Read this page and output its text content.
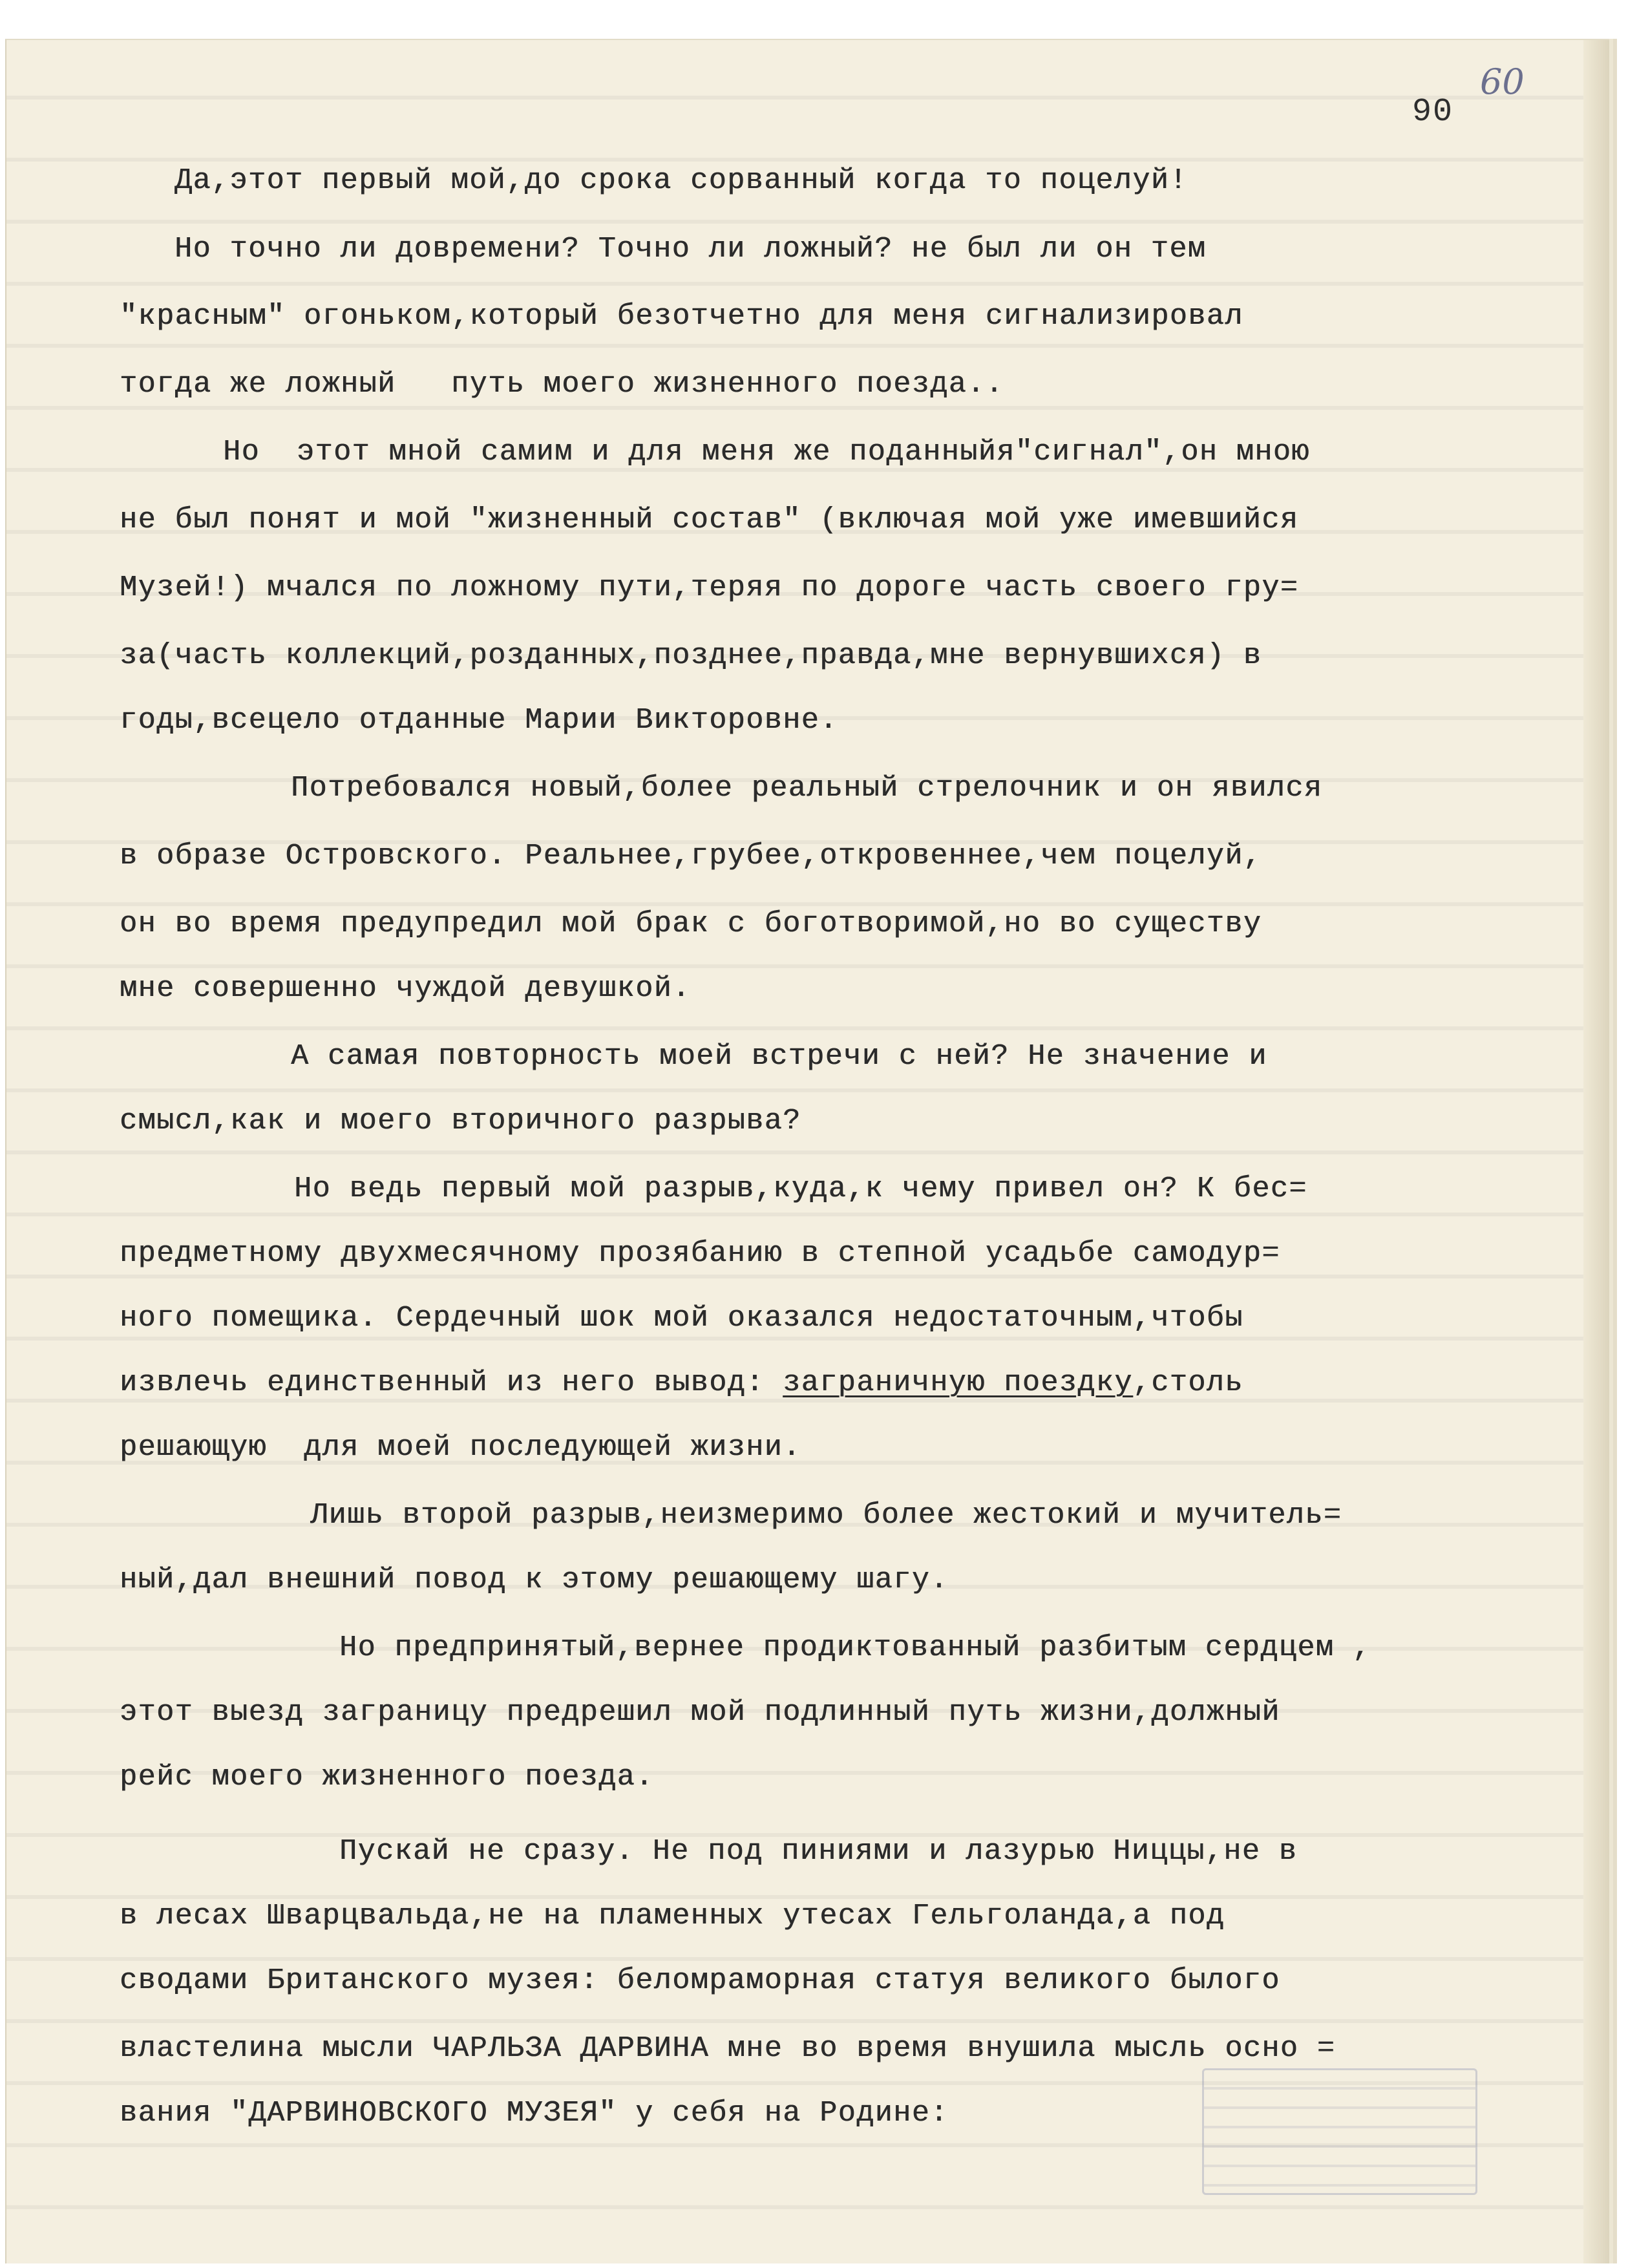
60
90

Да,этот первый мой,до срока сорванный когда то поцелуй!

Но точно ли довремени? Точно ли ложный? не был ли он тем

"красным" огоньком,который безотчетно для меня сигнализировал

тогда же ложный   путь моего жизненного поезда..

Но  этот мной самим и для меня же поданныйя"сигнал",он мною

не был понят и мой "жизненный состав" (включая мой уже имевшийся

Музей!) мчался по ложному пути,теряя по дороге часть своего гру=

за(часть коллекций,розданных,позднее,правда,мне вернувшихся) в

годы,всецело отданные Марии Викторовне.

Потребовался новый,более реальный стрелочник и он явился

в образе Островского. Реальнее,грубее,откровеннее,чем поцелуй,

он во время предупредил мой брак с боготворимой,но во существу

мне совершенно чуждой девушкой.

А самая повторность моей встречи с ней? Не значение и

смысл,как и моего вторичного разрыва?

Но ведь первый мой разрыв,куда,к чему привел он? К бес=

предметному двухмесячному прозябанию в степной усадьбе самодур=

ного помещика. Сердечный шок мой оказался недостаточным,чтобы

извлечь единственный из него вывод: заграничную поездку,столь

решающую  для моей последующей жизни.

Лишь второй разрыв,неизмеримо более жестокий и мучитель=

ный,дал внешний повод к этому решающему шагу.

Но предпринятый,вернее продиктованный разбитым сердцем ,

этот выезд заграницу предрешил мой подлинный путь жизни,должный

рейс моего жизненного поезда.

Пускай не сразу. Не под пиниями и лазурью Ниццы,не в

в лесах Шварцвальда,не на пламенных утесах Гельголанда,а под

сводами Британского музея: беломраморная статуя великого былого

властелина мысли ЧАРЛЬЗА ДАРВИНА мне во время внушила мысль осно =

вания "ДАРВИНОВСКОГО МУЗЕЯ" у себя на Родине:
